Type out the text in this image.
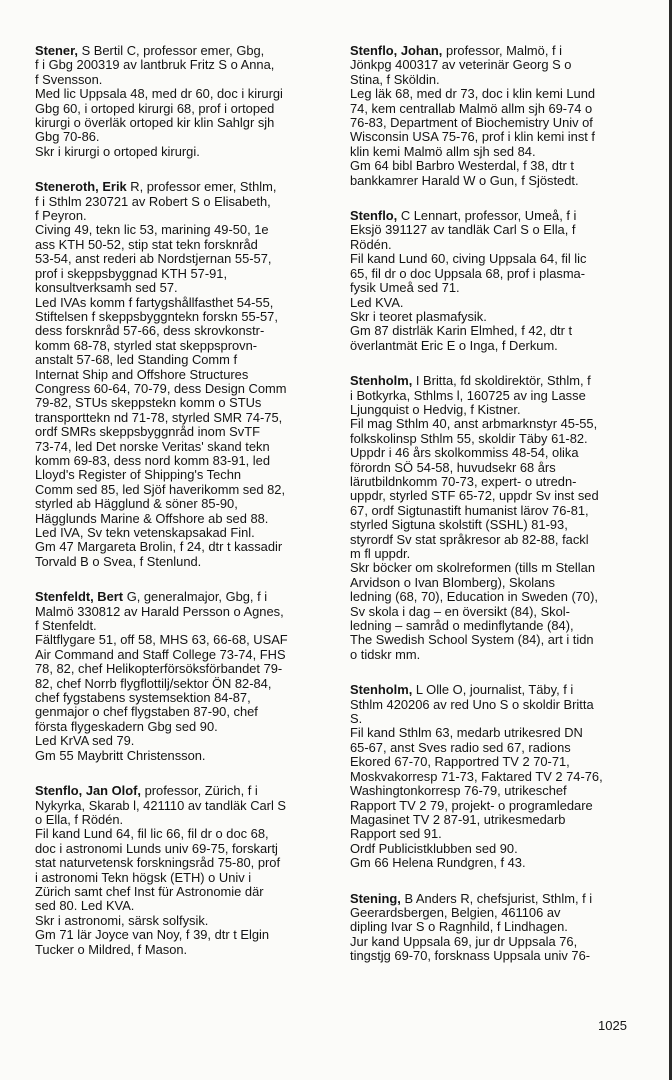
Stener, S Bertil C, professor emer, Gbg,
f i Gbg 200319 av lantbruk Fritz S o Anna,
f Svensson.
Med lic Uppsala 48, med dr 60, doc i kirurgi
Gbg 60, i ortoped kirurgi 68, prof i ortoped
kirurgi o överläk ortoped kir klin Sahlgr sjh
Gbg 70-86.
Skr i kirurgi o ortoped kirurgi.
Steneroth, Erik R, professor emer, Sthlm,
f i Sthlm 230721 av Robert S o Elisabeth,
f Peyron.
Civing 49, tekn lic 53, marining 49-50, 1e
ass KTH 50-52, stip stat tekn forsknråd
53-54, anst rederi ab Nordstjernan 55-57,
prof i skeppsbyggnad KTH 57-91,
konsultverksamh sed 57.
Led IVAs komm f fartygshållfasthet 54-55,
Stiftelsen f skeppsbyggntekn forskn 55-57,
dess forsknråd 57-66, dess skrovkonstr-
komm 68-78, styrled stat skeppsprovn-
anstalt 57-68, led Standing Comm f
Internat Ship and Offshore Structures
Congress 60-64, 70-79, dess Design Comm
79-82, STUs skeppstekn komm o STUs
transporttekn nd 71-78, styrled SMR 74-75,
ordf SMRs skeppsbyggnråd inom SvTF
73-74, led Det norske Veritas' skand tekn
komm 69-83, dess nord komm 83-91, led
Lloyd's Register of Shipping's Techn
Comm sed 85, led Sjöf haverikomm sed 82,
styrled ab Hägglund & söner 85-90,
Hägglunds Marine & Offshore ab sed 88.
Led IVA, Sv tekn vetenskapsakad Finl.
Gm 47 Margareta Brolin, f 24, dtr t kassadir
Torvald B o Svea, f Stenlund.
Stenfeldt, Bert G, generalmajor, Gbg, f i
Malmö 330812 av Harald Persson o Agnes,
f Stenfeldt.
Fältflygare 51, off 58, MHS 63, 66-68, USAF
Air Command and Staff College 73-74, FHS
78, 82, chef Helikopterförsöksförbandet 79-
82, chef Norrb flygflottilj/sektor ÖN 82-84,
chef fygstabens systemsektion 84-87,
genmajor o chef flygstaben 87-90, chef
första flygeskadern Gbg sed 90.
Led KrVA sed 79.
Gm 55 Maybritt Christensson.
Stenflo, Jan Olof, professor, Zürich, f i
Nykyrka, Skarab l, 421110 av tandläk Carl S
o Ella, f Rödén.
Fil kand Lund 64, fil lic 66, fil dr o doc 68,
doc i astronomi Lunds univ 69-75, forskartj
stat naturvetensk forskningsråd 75-80, prof
i astronomi Tekn högsk (ETH) o Univ i
Zürich samt chef Inst für Astronomie där
sed 80. Led KVA.
Skr i astronomi, särsk solfysik.
Gm 71 lär Joyce van Noy, f 39, dtr t Elgin
Tucker o Mildred, f Mason.
Stenflo, Johan, professor, Malmö, f i
Jönkpg 400317 av veterinär Georg S o
Stina, f Sköldin.
Leg läk 68, med dr 73, doc i klin kemi Lund
74, kem centrallab Malmö allm sjh 69-74 o
76-83, Department of Biochemistry Univ of
Wisconsin USA 75-76, prof i klin kemi inst f
klin kemi Malmö allm sjh sed 84.
Gm 64 bibl Barbro Westerdal, f 38, dtr t
bankkamrer Harald W o Gun, f Sjöstedt.
Stenflo, C Lennart, professor, Umeå, f i
Eksjö 391127 av tandläk Carl S o Ella, f
Rödén.
Fil kand Lund 60, civing Uppsala 64, fil lic
65, fil dr o doc Uppsala 68, prof i plasma-
fysik Umeå sed 71.
Led KVA.
Skr i teoret plasmafysik.
Gm 87 distrläk Karin Elmhed, f 42, dtr t
överlantmät Eric E o Inga, f Derkum.
Stenholm, I Britta, fd skoldirektör, Sthlm, f
i Botkyrka, Sthlms l, 160725 av ing Lasse
Ljungquist o Hedvig, f Kistner.
Fil mag Sthlm 40, anst arbmarknstyr 45-55,
folkskolinsp Sthlm 55, skoldir Täby 61-82.
Uppdr i 46 års skolkommiss 48-54, olika
förordn SÖ 54-58, huvudsekr 68 års
lärutbildnkomm 70-73, expert- o utredn-
uppdr, styrled STF 65-72, uppdr Sv inst sed
67, ordf Sigtunastift humanist lärov 76-81,
styrled Sigtuna skolstift (SSHL) 81-93,
styrordf Sv stat språkresor ab 82-88, fackl
m fl uppdr.
Skr böcker om skolreformen (tills m Stellan
Arvidson o Ivan Blomberg), Skolans
ledning (68, 70), Education in Sweden (70),
Sv skola i dag – en översikt (84), Skol-
ledning – samråd o medinflytande (84),
The Swedish School System (84), art i tidn
o tidskr mm.
Stenholm, L Olle O, journalist, Täby, f i
Sthlm 420206 av red Uno S o skoldir Britta
S.
Fil kand Sthlm 63, medarb utrikesred DN
65-67, anst Sves radio sed 67, radions
Ekored 67-70, Rapportred TV 2 70-71,
Moskvakorresp 71-73, Faktared TV 2 74-76,
Washingtonkorresp 76-79, utrikeschef
Rapport TV 2 79, projekt- o programledare
Magasinet TV 2 87-91, utrikesmedarb
Rapport sed 91.
Ordf Publicistklubben sed 90.
Gm 66 Helena Rundgren, f 43.
Stening, B Anders R, chefsjurist, Sthlm, f i
Geerardsbergen, Belgien, 461106 av
dipling Ivar S o Ragnhild, f Lindhagen.
Jur kand Uppsala 69, jur dr Uppsala 76,
tingstjg 69-70, forsknass Uppsala univ 76-
1025
